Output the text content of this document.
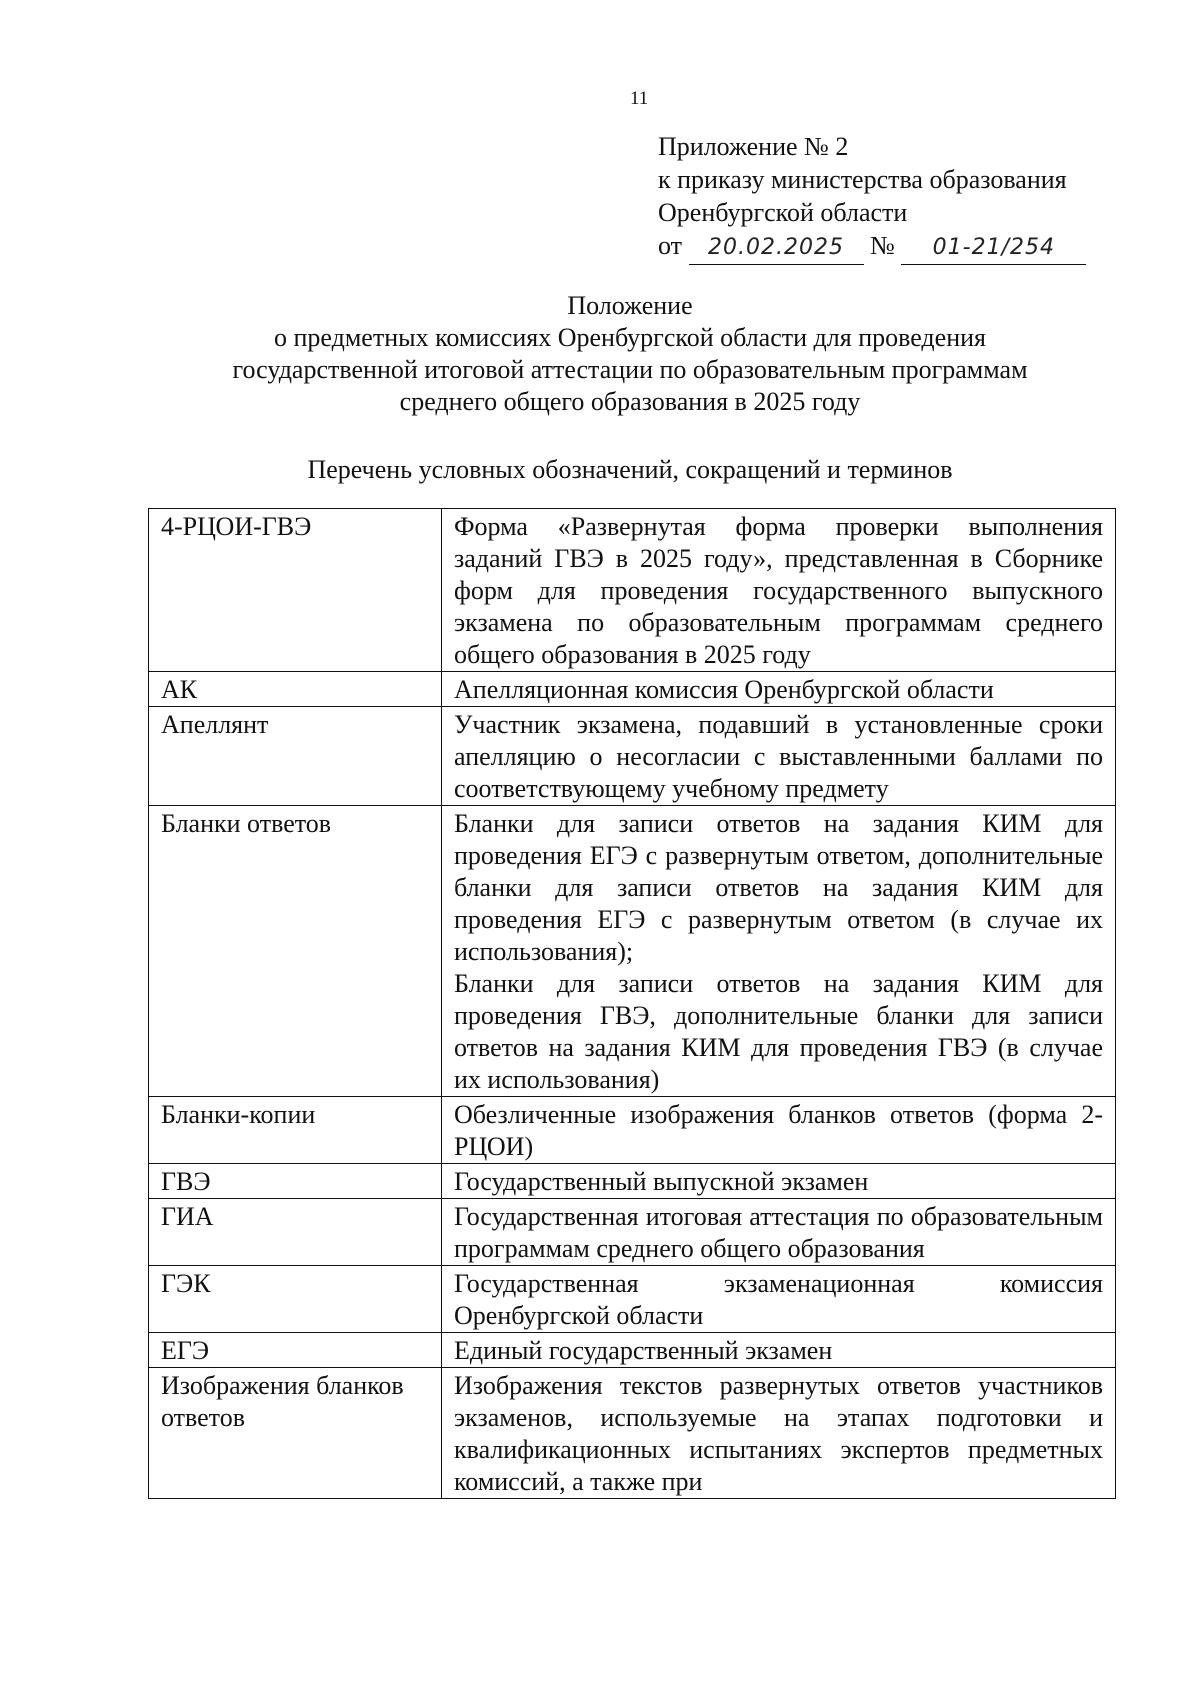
11
Приложение № 2
к приказу министерства образования
Оренбургской области
от 20.02.2025 № 01-21/254
Положение
о предметных комиссиях Оренбургской области для проведения
государственной итоговой аттестации по образовательным программам
среднего общего образования в 2025 году
Перечень условных обозначений, сокращений и терминов
4-РЦОИ-ГВЭ	Форма «Развернутая форма проверки выполнения заданий ГВЭ в 2025 году», представленная в Сборнике форм для проведения государственного выпускного экзамена по образовательным программам среднего общего образования в 2025 году
АК	Апелляционная комиссия Оренбургской области
Апеллянт	Участник экзамена, подавший в установленные сроки апелляцию о несогласии с выставленными баллами по соответствующему учебному предмету
Бланки ответов	Бланки для записи ответов на задания КИМ для проведения ЕГЭ с развернутым ответом, дополнительные бланки для записи ответов на задания КИМ для проведения ЕГЭ с развернутым ответом (в случае их использования);
Бланки для записи ответов на задания КИМ для проведения ГВЭ, дополнительные бланки для записи ответов на задания КИМ для проведения ГВЭ (в случае их использования)

Бланки-копии	Обезличенные изображения бланков ответов (форма 2-РЦОИ)
ГВЭ	Государственный выпускной экзамен
ГИА	Государственная итоговая аттестация по образовательным программам среднего общего образования
ГЭК	Государственная экзаменационная комиссия Оренбургской области
ЕГЭ	Единый государственный экзамен
Изображения бланков ответов	Изображения текстов развернутых ответов участников экзаменов, используемые на этапах подготовки и квалификационных испытаниях экспертов предметных комиссий, а также при
